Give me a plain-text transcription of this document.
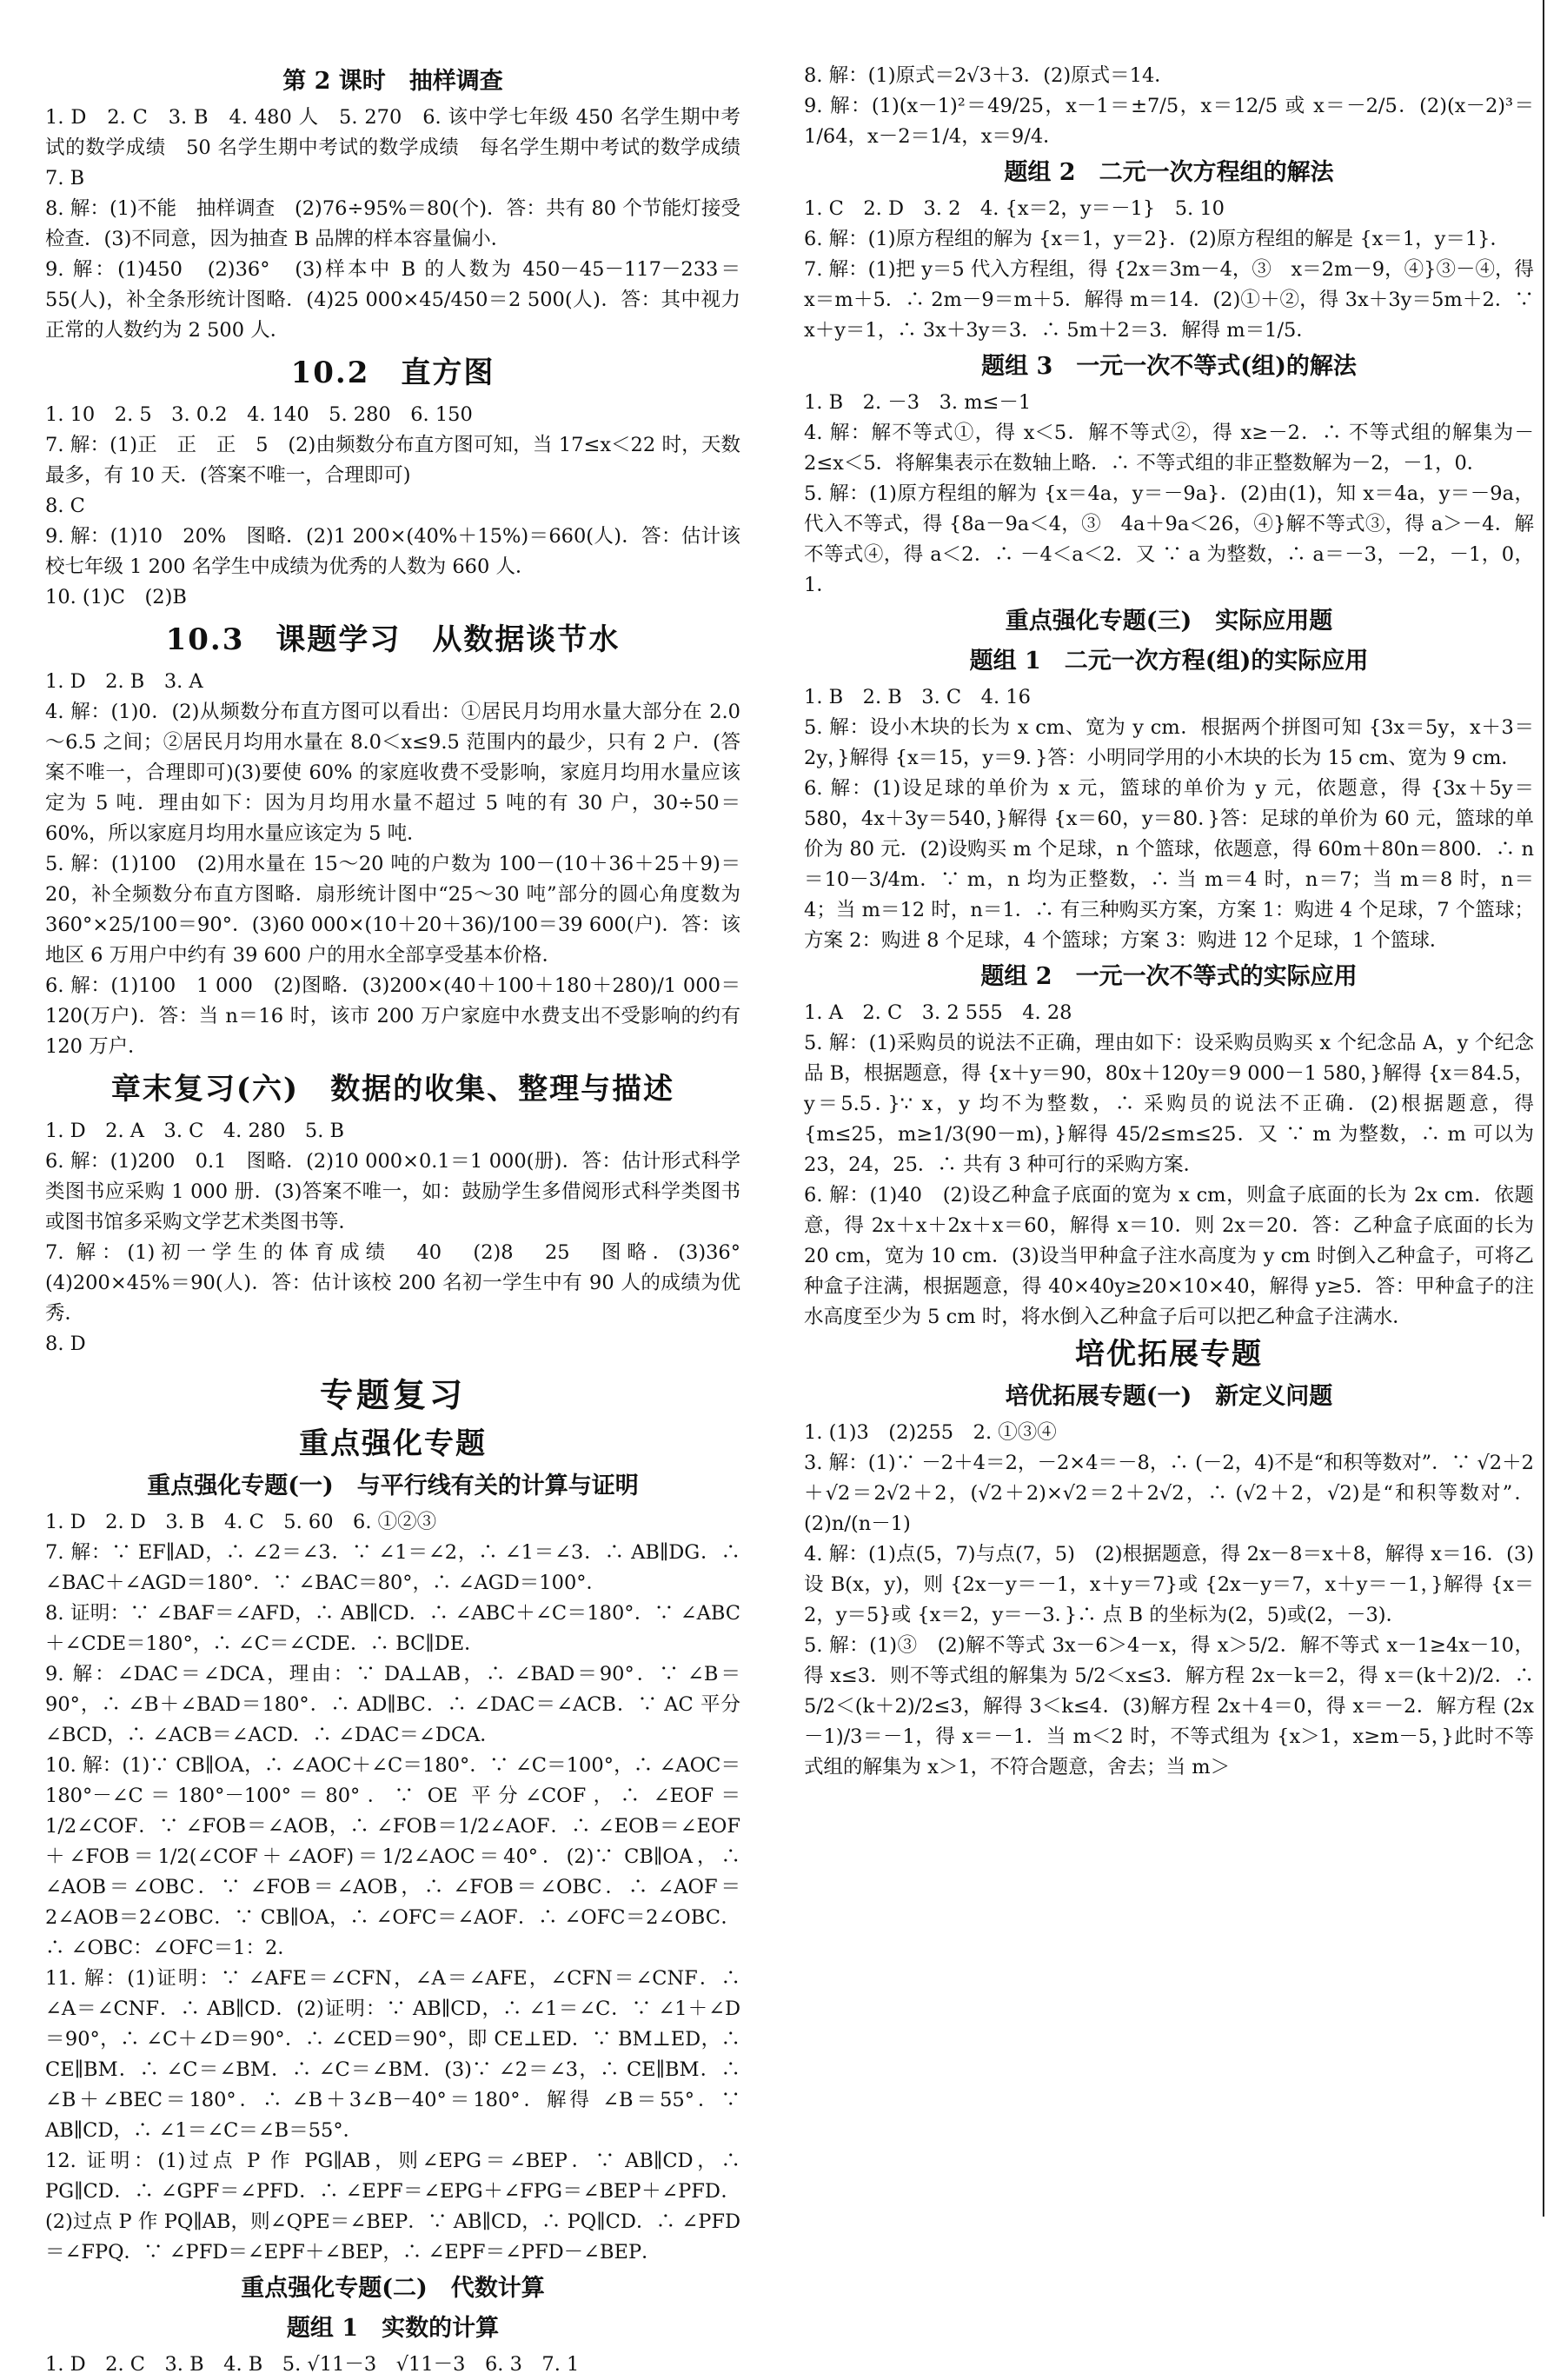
第 2 课时　抽样调查

1. D　2. C　3. B　4. 480 人　5. 270　6. 该中学七年级 450 名学生期中考试的数学成绩　50 名学生期中考试的数学成绩　每名学生期中考试的数学成绩　7. B

8. 解：(1)不能　抽样调查　(2)76÷95%＝80(个)．答：共有 80 个节能灯接受检查．(3)不同意，因为抽查 B 品牌的样本容量偏小．

9. 解：(1)450　(2)36°　(3)样本中 B 的人数为 450－45－117－233＝55(人)，补全条形统计图略．(4)25 000×45/450＝2 500(人)．答：其中视力正常的人数约为 2 500 人．

10.2　直方图

1. 10　2. 5　3. 0.2　4. 140　5. 280　6. 150

7. 解：(1)正　正　正　5　(2)由频数分布直方图可知，当 17≤x＜22 时，天数最多，有 10 天．(答案不唯一，合理即可)

8. C

9. 解：(1)10　20%　图略．(2)1 200×(40%＋15%)＝660(人)．答：估计该校七年级 1 200 名学生中成绩为优秀的人数为 660 人．

10. (1)C　(2)B

10.3　课题学习　从数据谈节水

1. D　2. B　3. A

4. 解：(1)0．(2)从频数分布直方图可以看出：①居民月均用水量大部分在 2.0～6.5 之间；②居民月均用水量在 8.0＜x≤9.5 范围内的最少，只有 2 户．(答案不唯一，合理即可)(3)要使 60% 的家庭收费不受影响，家庭月均用水量应该定为 5 吨．理由如下：因为月均用水量不超过 5 吨的有 30 户，30÷50＝60%，所以家庭月均用水量应该定为 5 吨．

5. 解：(1)100　(2)用水量在 15～20 吨的户数为 100－(10＋36＋25＋9)＝20，补全频数分布直方图略．扇形统计图中“25～30 吨”部分的圆心角度数为 360°×25/100＝90°．(3)60 000×(10＋20＋36)/100＝39 600(户)．答：该地区 6 万用户中约有 39 600 户的用水全部享受基本价格．

6. 解：(1)100　1 000　(2)图略．(3)200×(40＋100＋180＋280)/1 000＝120(万户)．答：当 n＝16 时，该市 200 万户家庭中水费支出不受影响的约有 120 万户．

章末复习(六)　数据的收集、整理与描述

1. D　2. A　3. C　4. 280　5. B

6. 解：(1)200　0.1　图略．(2)10 000×0.1＝1 000(册)．答：估计形式科学类图书应采购 1 000 册．(3)答案不唯一，如：鼓励学生多借阅形式科学类图书或图书馆多采购文学艺术类图书等．

7. 解：(1)初一学生的体育成绩　40　(2)8　25　图略．(3)36°　(4)200×45%＝90(人)．答：估计该校 200 名初一学生中有 90 人的成绩为优秀．

8. D

专题复习
重点强化专题
重点强化专题(一)　与平行线有关的计算与证明

1. D　2. D　3. B　4. C　5. 60　6. ①②③

7. 解：∵ EF∥AD，∴ ∠2＝∠3．∵ ∠1＝∠2，∴ ∠1＝∠3．∴ AB∥DG．∴ ∠BAC＋∠AGD＝180°．∵ ∠BAC＝80°，∴ ∠AGD＝100°．

8. 证明：∵ ∠BAF＝∠AFD，∴ AB∥CD．∴ ∠ABC＋∠C＝180°．∵ ∠ABC＋∠CDE＝180°，∴ ∠C＝∠CDE．∴ BC∥DE．

9. 解：∠DAC＝∠DCA，理由：∵ DA⊥AB，∴ ∠BAD＝90°．∵ ∠B＝90°，∴ ∠B＋∠BAD＝180°．∴ AD∥BC．∴ ∠DAC＝∠ACB．∵ AC 平分∠BCD，∴ ∠ACB＝∠ACD．∴ ∠DAC＝∠DCA．

10. 解：(1)∵ CB∥OA，∴ ∠AOC＋∠C＝180°．∵ ∠C＝100°，∴ ∠AOC＝180°－∠C＝180°－100°＝80°．∵ OE 平分∠COF，∴ ∠EOF＝1/2∠COF．∵ ∠FOB＝∠AOB，∴ ∠FOB＝1/2∠AOF．∴ ∠EOB＝∠EOF＋∠FOB＝1/2(∠COF＋∠AOF)＝1/2∠AOC＝40°．(2)∵ CB∥OA，∴ ∠AOB＝∠OBC．∵ ∠FOB＝∠AOB，∴ ∠FOB＝∠OBC．∴ ∠AOF＝2∠AOB＝2∠OBC．∵ CB∥OA，∴ ∠OFC＝∠AOF．∴ ∠OFC＝2∠OBC．∴ ∠OBC：∠OFC＝1：2．

11. 解：(1)证明：∵ ∠AFE＝∠CFN，∠A＝∠AFE，∠CFN＝∠CNF．∴ ∠A＝∠CNF．∴ AB∥CD．(2)证明：∵ AB∥CD，∴ ∠1＝∠C．∵ ∠1＋∠D＝90°，∴ ∠C＋∠D＝90°．∴ ∠CED＝90°，即 CE⊥ED．∵ BM⊥ED，∴ CE∥BM．∴ ∠C＝∠BM．∴ ∠C＝∠BM．(3)∵ ∠2＝∠3，∴ CE∥BM．∴ ∠B＋∠BEC＝180°．∴ ∠B＋3∠B－40°＝180°．解得 ∠B＝55°．∵ AB∥CD，∴ ∠1＝∠C＝∠B＝55°．

12. 证明：(1)过点 P 作 PG∥AB，则∠EPG＝∠BEP．∵ AB∥CD，∴ PG∥CD．∴ ∠GPF＝∠PFD．∴ ∠EPF＝∠EPG＋∠FPG＝∠BEP＋∠PFD．(2)过点 P 作 PQ∥AB，则∠QPE＝∠BEP．∵ AB∥CD，∴ PQ∥CD．∴ ∠PFD＝∠FPQ．∵ ∠PFD＝∠EPF＋∠BEP，∴ ∠EPF＝∠PFD－∠BEP．

重点强化专题(二)　代数计算
题组 1　实数的计算

1. D　2. C　3. B　4. B　5. √11－3　√11－3　6. 3　7. 1

8. 解：(1)原式＝2√3＋3．(2)原式＝14．

9. 解：(1)(x－1)²＝49/25，x－1＝±7/5，x＝12/5 或 x＝－2/5．(2)(x－2)³＝1/64，x－2＝1/4，x＝9/4．

题组 2　二元一次方程组的解法

1. C　2. D　3. 2　4. {x＝2，y＝－1}　5. 10

6. 解：(1)原方程组的解为 {x＝1，y＝2}．(2)原方程组的解是 {x＝1，y＝1}．

7. 解：(1)把 y＝5 代入方程组，得 {2x＝3m－4，③　x＝2m－9，④}③－④，得 x＝m＋5．∴ 2m－9＝m＋5．解得 m＝14．(2)①＋②，得 3x＋3y＝5m＋2．∵ x＋y＝1，∴ 3x＋3y＝3．∴ 5m＋2＝3．解得 m＝1/5．

题组 3　一元一次不等式(组)的解法

1. B　2. －3　3. m≤－1

4. 解：解不等式①，得 x＜5．解不等式②，得 x≥－2．∴ 不等式组的解集为－2≤x＜5．将解集表示在数轴上略．∴ 不等式组的非正整数解为－2，－1，0．

5. 解：(1)原方程组的解为 {x＝4a，y＝－9a}．(2)由(1)，知 x＝4a，y＝－9a，代入不等式，得 {8a－9a＜4，③　4a＋9a＜26，④}解不等式③，得 a＞－4．解不等式④，得 a＜2．∴ －4＜a＜2．又 ∵ a 为整数，∴ a＝－3，－2，－1，0，1．

重点强化专题(三)　实际应用题
题组 1　二元一次方程(组)的实际应用

1. B　2. B　3. C　4. 16

5. 解：设小木块的长为 x cm、宽为 y cm．根据两个拼图可知 {3x＝5y，x＋3＝2y，}解得 {x＝15，y＝9．}答：小明同学用的小木块的长为 15 cm、宽为 9 cm．

6. 解：(1)设足球的单价为 x 元，篮球的单价为 y 元，依题意，得 {3x＋5y＝580，4x＋3y＝540，}解得 {x＝60，y＝80．}答：足球的单价为 60 元，篮球的单价为 80 元．(2)设购买 m 个足球，n 个篮球，依题意，得 60m＋80n＝800．∴ n＝10－3/4m．∵ m，n 均为正整数，∴ 当 m＝4 时，n＝7；当 m＝8 时，n＝4；当 m＝12 时，n＝1．∴ 有三种购买方案，方案 1：购进 4 个足球，7 个篮球；方案 2：购进 8 个足球，4 个篮球；方案 3：购进 12 个足球，1 个篮球．

题组 2　一元一次不等式的实际应用

1. A　2. C　3. 2 555　4. 28

5. 解：(1)采购员的说法不正确，理由如下：设采购员购买 x 个纪念品 A，y 个纪念品 B，根据题意，得 {x＋y＝90，80x＋120y＝9 000－1 580，}解得 {x＝84.5，y＝5.5．}∵ x，y 均不为整数，∴ 采购员的说法不正确．(2)根据题意，得 {m≤25，m≥1/3(90－m)，}解得 45/2≤m≤25．又 ∵ m 为整数，∴ m 可以为 23，24，25．∴ 共有 3 种可行的采购方案．

6. 解：(1)40　(2)设乙种盒子底面的宽为 x cm，则盒子底面的长为 2x cm．依题意，得 2x＋x＋2x＋x＝60，解得 x＝10．则 2x＝20．答：乙种盒子底面的长为 20 cm，宽为 10 cm．(3)设当甲种盒子注水高度为 y cm 时倒入乙种盒子，可将乙种盒子注满，根据题意，得 40×40y≥20×10×40，解得 y≥5．答：甲种盒子的注水高度至少为 5 cm 时，将水倒入乙种盒子后可以把乙种盒子注满水．

培优拓展专题
培优拓展专题(一)　新定义问题

1. (1)3　(2)255　2. ①③④

3. 解：(1)∵ －2＋4＝2，－2×4＝－8，∴ (－2，4)不是“和积等数对”．∵ √2＋2＋√2＝2√2＋2，(√2＋2)×√2＝2＋2√2，∴ (√2＋2，√2)是“和积等数对”．(2)n/(n－1)

4. 解：(1)点(5，7)与点(7，5)　(2)根据题意，得 2x－8＝x＋8，解得 x＝16．(3)设 B(x，y)，则 {2x－y＝－1，x＋y＝7}或 {2x－y＝7，x＋y＝－1，}解得 {x＝2，y＝5}或 {x＝2，y＝－3．}∴ 点 B 的坐标为(2，5)或(2，－3)．

5. 解：(1)③　(2)解不等式 3x－6＞4－x，得 x＞5/2．解不等式 x－1≥4x－10，得 x≤3．则不等式组的解集为 5/2＜x≤3．解方程 2x－k＝2，得 x＝(k＋2)/2．∴ 5/2＜(k＋2)/2≤3，解得 3＜k≤4．(3)解方程 2x＋4＝0，得 x＝－2．解方程 (2x－1)/3＝－1，得 x＝－1．当 m＜2 时，不等式组为 {x＞1，x≥m－5，}此时不等式组的解集为 x＞1，不符合题意，舍去；当 m＞
